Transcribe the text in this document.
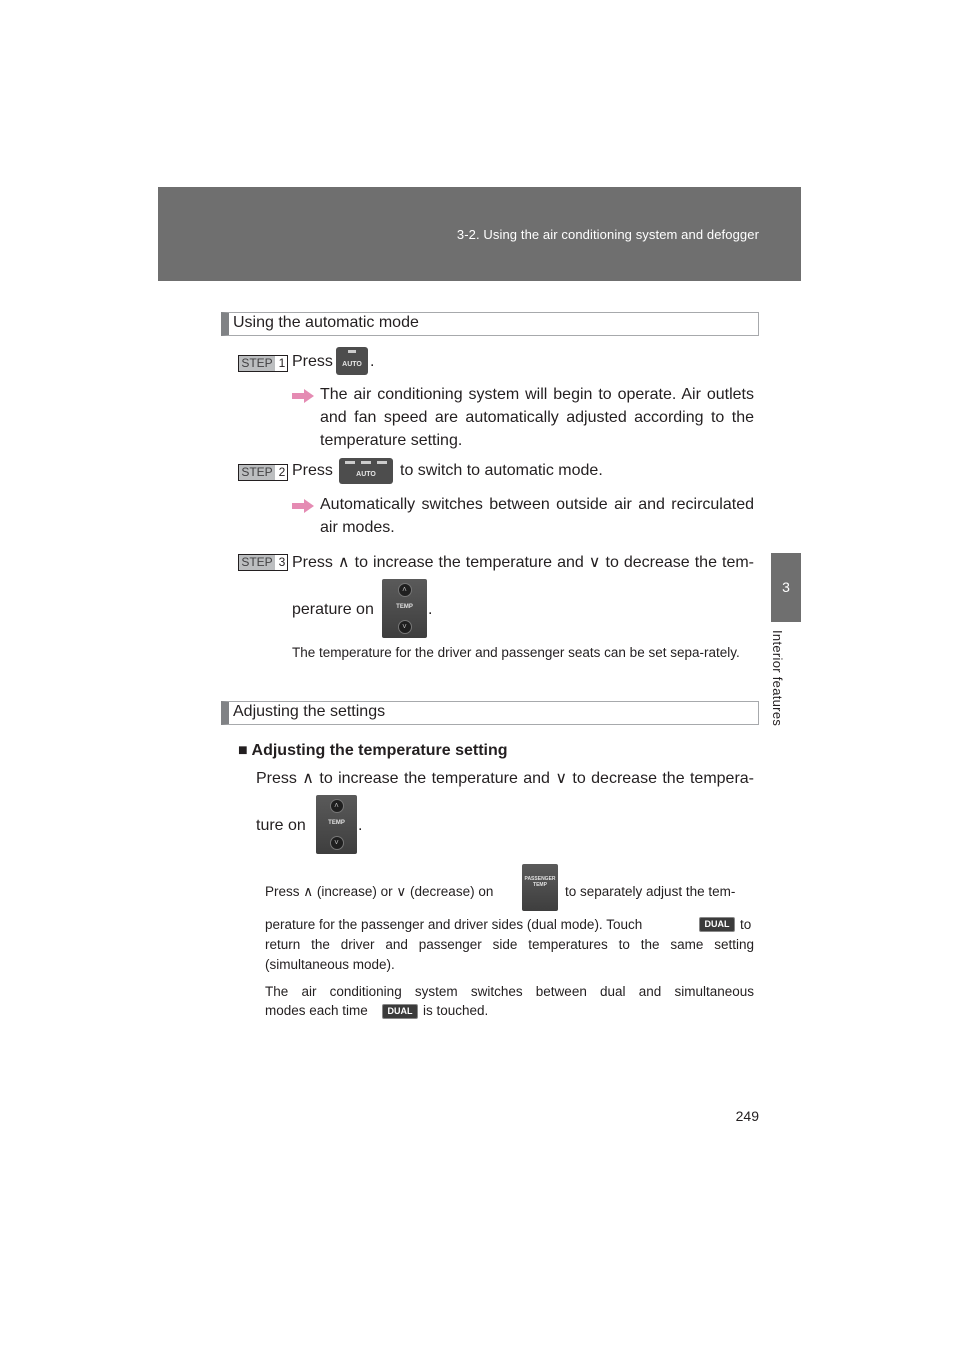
3-2. Using the air conditioning system and defogger
3
Interior features
Using the automatic mode
STEP 1 Press	AUTO .
The air conditioning system will begin to operate. Air outlets and fan speed are automatically adjusted according to the temperature setting.
STEP 2 Press	AUTO	to switch to automatic mode.
Automatically switches between outside air and recirculated air modes.
STEP 3 Press ∧ to increase the temperature and ∨ to decrease the tem-
perature on
˄
TEMP
˅
.
The temperature for the driver and passenger seats can be set sepa-rately.
Adjusting the settings
■ Adjusting the temperature setting
Press ∧ to increase the temperature and ∨ to decrease the tempera-
ture on
˄
TEMP
˅
.
Press ∧ (increase) or ∨ (decrease) on
PASSENGER TEMP	to separately adjust the tem-
perature for the passenger and driver sides (dual mode). Touch	DUAL to
return the driver and passenger side temperatures to the same setting (simultaneous mode).
The air conditioning system switches between dual and simultaneous
modes each time	DUAL is touched.
249
